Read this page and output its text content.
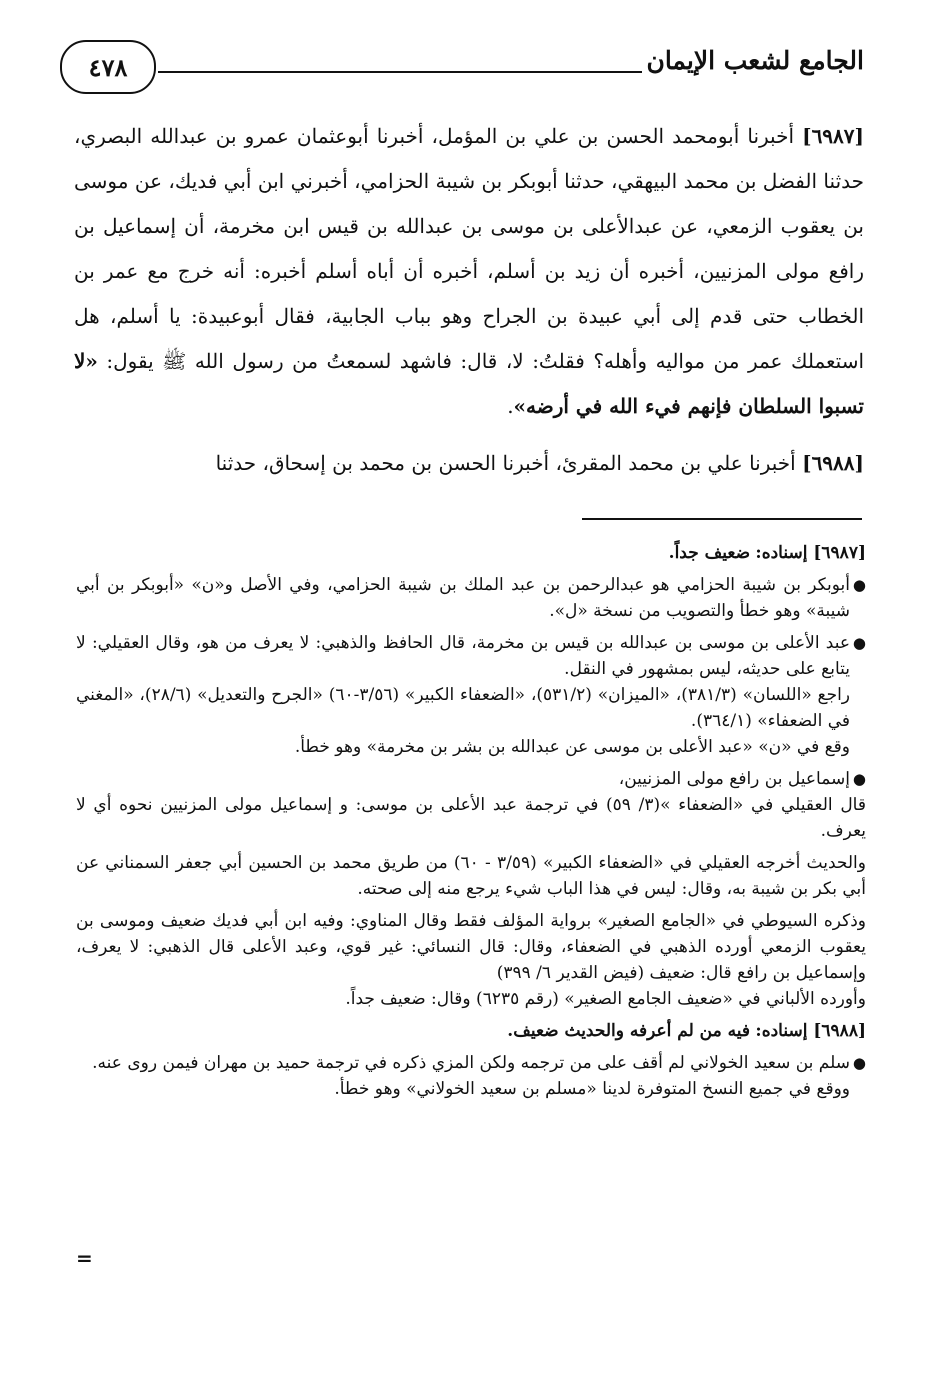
الجامع لشعب الإيمان
٤٧٨

[٦٩٨٧] أخبرنا أبومحمد الحسن بن علي بن المؤمل، أخبرنا أبوعثمان عمرو بن عبدالله البصري، حدثنا الفضل بن محمد البيهقي، حدثنا أبوبكر بن شيبة الحزامي، أخبرني ابن أبي فديك، عن موسى بن يعقوب الزمعي، عن عبدالأعلى بن موسى بن عبدالله بن قيس ابن مخرمة، أن إسماعيل بن رافع مولى المزنيين، أخبره أن زيد بن أسلم، أخبره أن أباه أسلم أخبره: أنه خرج مع عمر بن الخطاب حتى قدم إلى أبي عبيدة بن الجراح وهو بباب الجابية، فقال أبوعبيدة: يا أسلم، هل استعملك عمر من مواليه وأهله؟ فقلتُ: لا، قال: فاشهد لسمعتُ من رسول الله ﷺ يقول: «لا تسبوا السلطان فإنهم فيء الله في أرضه».

[٦٩٨٨] أخبرنا علي بن محمد المقرئ، أخبرنا الحسن بن محمد بن إسحاق، حدثنا

[٦٩٨٧] إسناده: ضعيف جداً.

●
أبوبكر بن شيبة الحزامي هو عبدالرحمن بن عبد الملك بن شيبة الحزامي، وفي الأصل و«ن» «أبوبكر بن أبي شيبة» وهو خطأ والتصويب من نسخة «ل».

●
عبد الأعلى بن موسى بن عبدالله بن قيس بن مخرمة، قال الحافظ والذهبي: لا يعرف من هو، وقال العقيلي: لا يتابع على حديثه، ليس بمشهور في النقل.

راجع «اللسان» (٣٨١/٣)، «الميزان» (٥٣١/٢)، «الضعفاء الكبير» (٣/٥٦-٦٠) «الجرح والتعديل» (٢٨/٦)، «المغني في الضعفاء» (٣٦٤/١).

وقع في «ن» «عبد الأعلى بن موسى عن عبدالله بن بشر بن مخرمة» وهو خطأ.

●
إسماعيل بن رافع مولى المزنيين،

قال العقيلي في «الضعفاء »(٣/ ٥٩) في ترجمة عبد الأعلى بن موسى: و إسماعيل مولى المزنيين نحوه أي لا يعرف.

والحديث أخرجه العقيلي في «الضعفاء الكبير» (٣/٥٩ - ٦٠) من طريق محمد بن الحسين أبي جعفر السمناني عن أبي بكر بن شيبة به، وقال: ليس في هذا الباب شيء يرجع منه إلى صحته.

وذكره السيوطي في «الجامع الصغير» برواية المؤلف فقط وقال المناوي: وفيه ابن أبي فديك ضعيف وموسى بن يعقوب الزمعي أورده الذهبي في الضعفاء، وقال: قال النسائي: غير قوي، وعبد الأعلى قال الذهبي: لا يعرف، وإسماعيل بن رافع قال: ضعيف (فيض القدير ٦/ ٣٩٩)

وأورده الألباني في «ضعيف الجامع الصغير» (رقم ٦٢٣٥) وقال: ضعيف جداً.

[٦٩٨٨] إسناده: فيه من لم أعرفه والحديث ضعيف.

●
سلم بن سعيد الخولاني لم أقف على من ترجمه ولكن المزي ذكره في ترجمة حميد بن مهران فيمن روى عنه.

ووقع في جميع النسخ المتوفرة لدينا «مسلم بن سعيد الخولاني» وهو خطأ.

=
